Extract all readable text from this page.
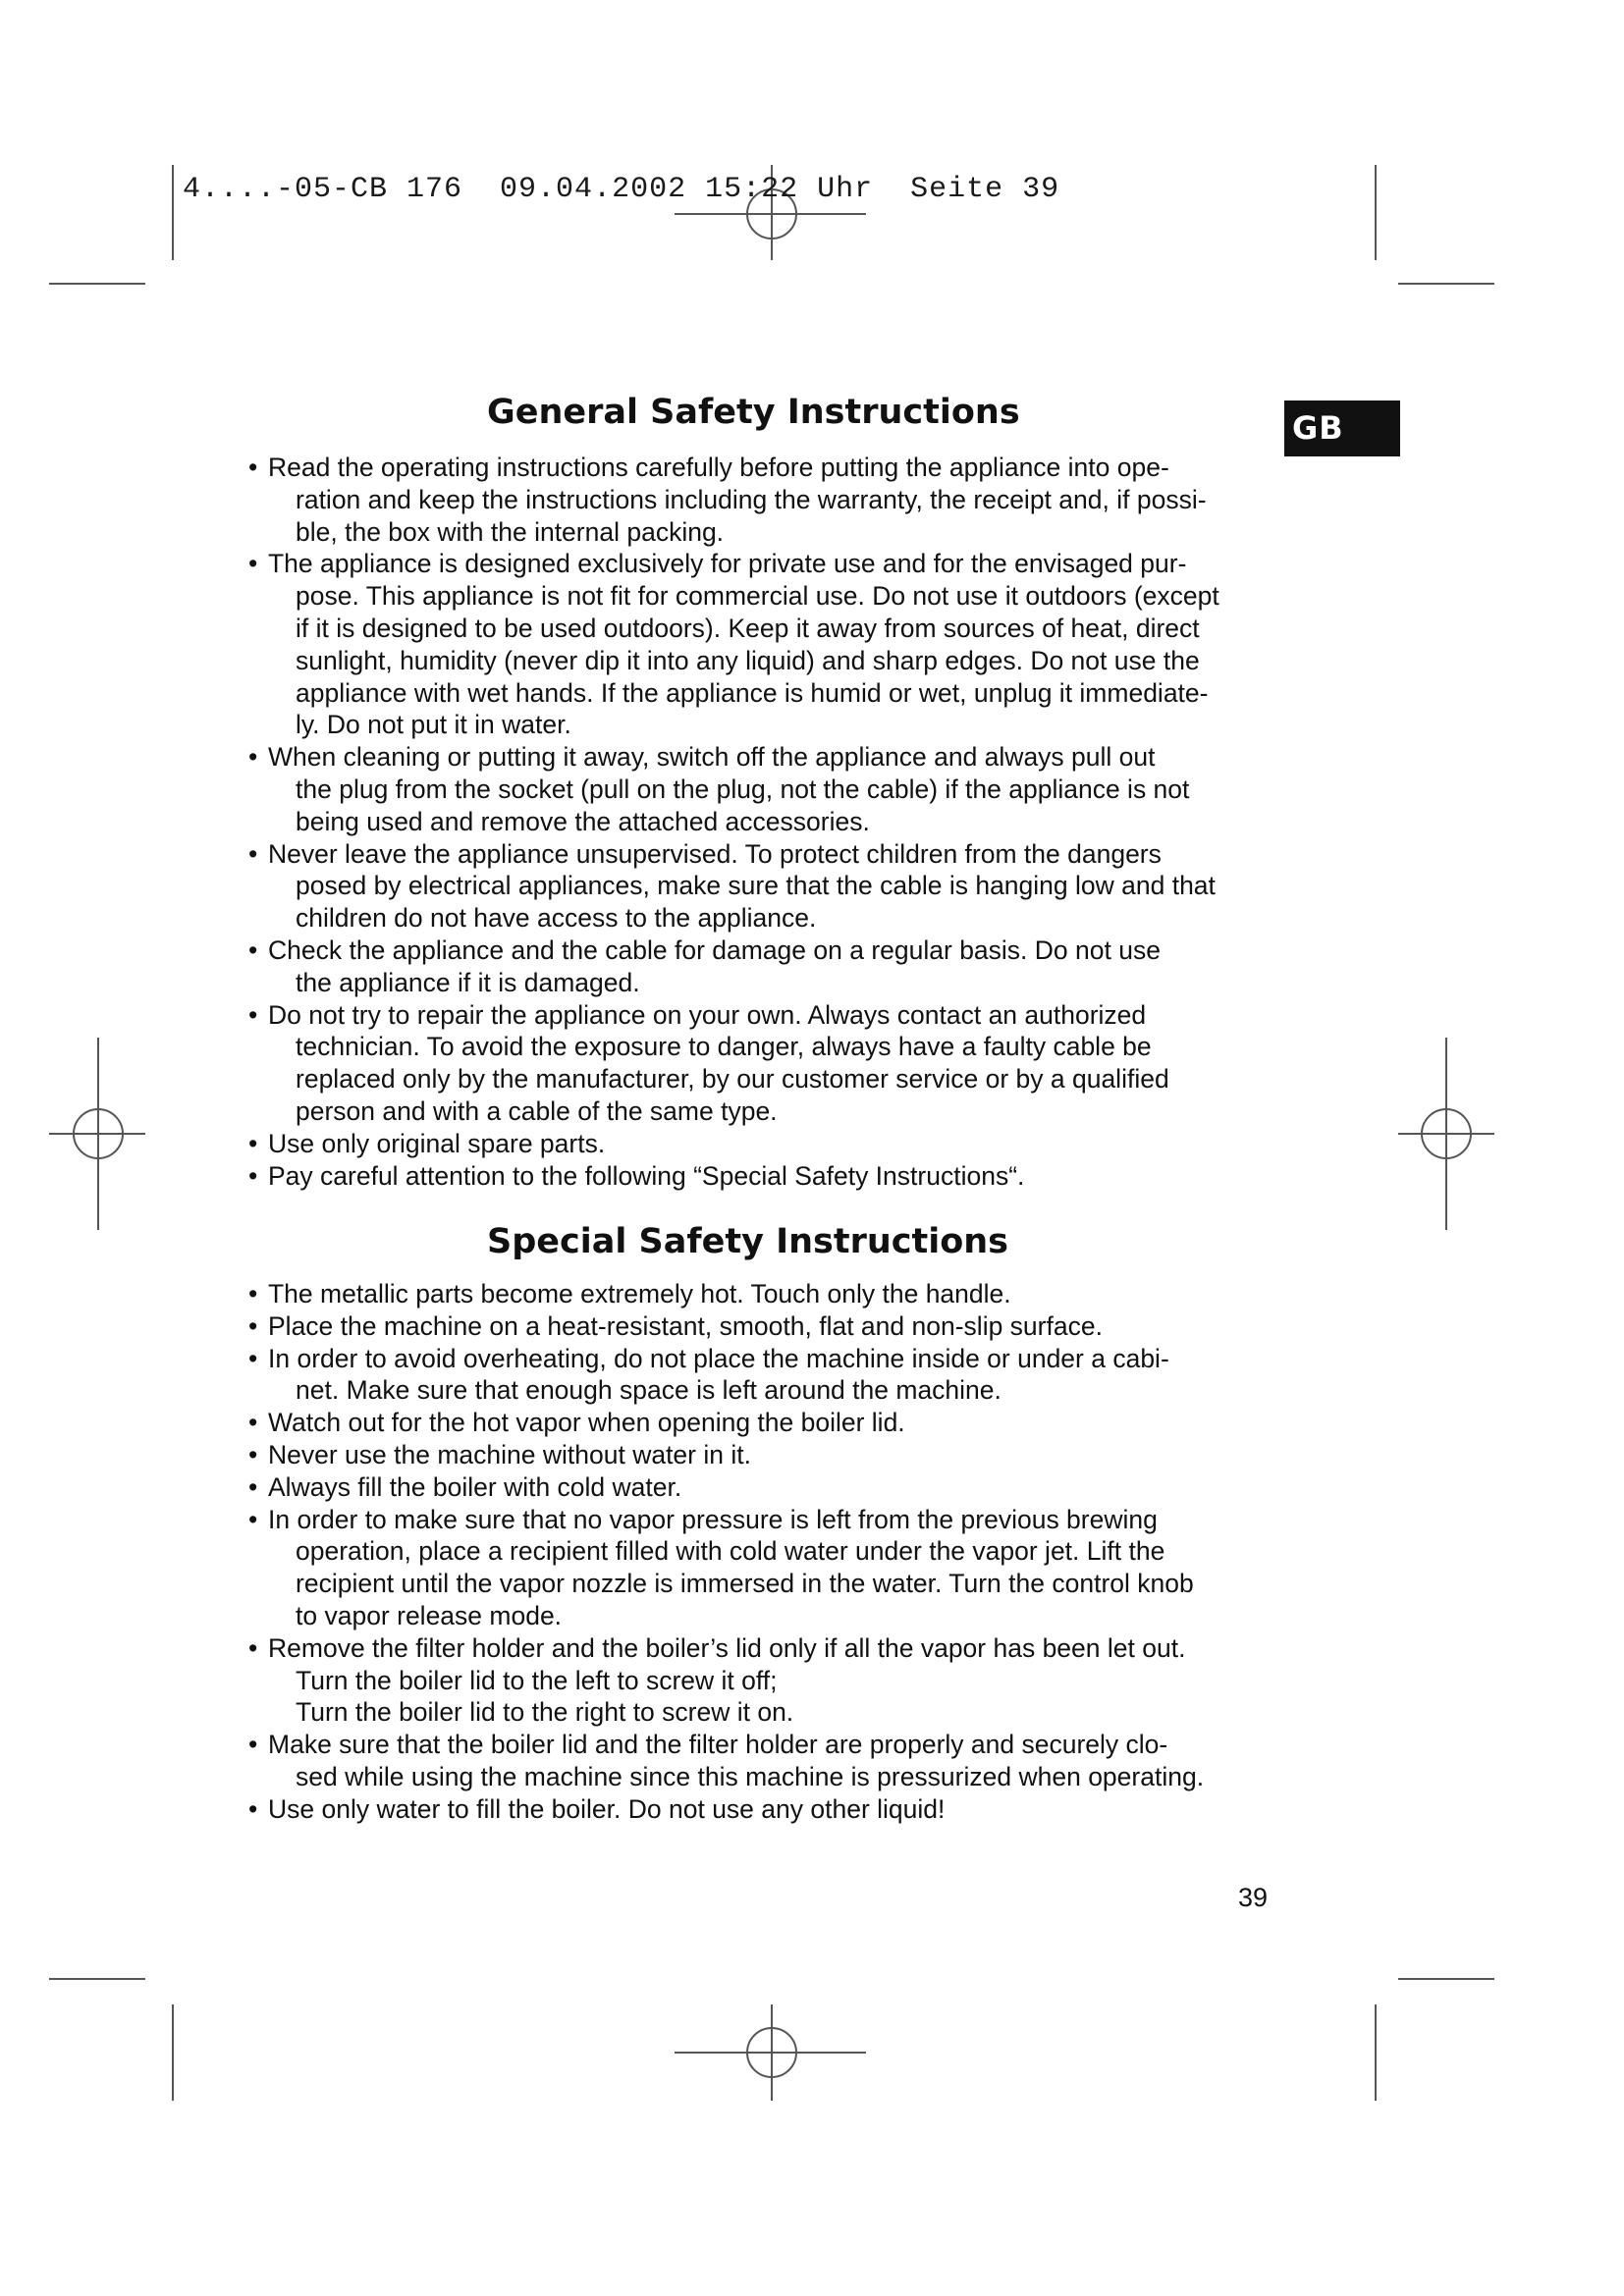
4....-05-CB 176  09.04.2002 15:22 Uhr  Seite 39
GB
General Safety Instructions
• Read the operating instructions carefully before putting the appliance into ope-
ration and keep the instructions including the warranty, the receipt and, if possi-
ble, the box with the internal packing.
• The appliance is designed exclusively for private use and for the envisaged pur-
pose. This appliance is not fit for commercial use. Do not use it outdoors (except
if it is designed to be used outdoors). Keep it away from sources of heat, direct
sunlight, humidity (never dip it into any liquid) and sharp edges. Do not use the
appliance with wet hands. If the appliance is humid or wet, unplug it immediate-
ly. Do not put it in water.
• When cleaning or putting it away, switch off the appliance and always pull out
the plug from the socket (pull on the plug, not the cable) if the appliance is not
being used and remove the attached accessories.
• Never leave the appliance unsupervised. To protect children from the dangers
posed by electrical appliances, make sure that the cable is hanging low and that
children do not have access to the appliance.
• Check the appliance and the cable for damage on a regular basis. Do not use
the appliance if it is damaged.
• Do not try to repair the appliance on your own. Always contact an authorized
technician. To avoid the exposure to danger, always have a faulty cable be
replaced only by the manufacturer, by our customer service or by a qualified
person and with a cable of the same type.
• Use only original spare parts.
• Pay careful attention to the following “Special Safety Instructions“.
Special Safety Instructions
• The metallic parts become extremely hot. Touch only the handle.
• Place the machine on a heat-resistant, smooth, flat and non-slip surface.
• In order to avoid overheating, do not place the machine inside or under a cabi-
net. Make sure that enough space is left around the machine.
• Watch out for the hot vapor when opening the boiler lid.
• Never use the machine without water in it.
• Always fill the boiler with cold water.
• In order to make sure that no vapor pressure is left from the previous brewing
operation, place a recipient filled with cold water under the vapor jet. Lift the
recipient until the vapor nozzle is immersed in the water. Turn the control knob
to vapor release mode.
• Remove the filter holder and the boiler’s lid only if all the vapor has been let out.
Turn the boiler lid to the left to screw it off;
Turn the boiler lid to the right to screw it on.
• Make sure that the boiler lid and the filter holder are properly and securely clo-
sed while using the machine since this machine is pressurized when operating.
• Use only water to fill the boiler. Do not use any other liquid!

39
